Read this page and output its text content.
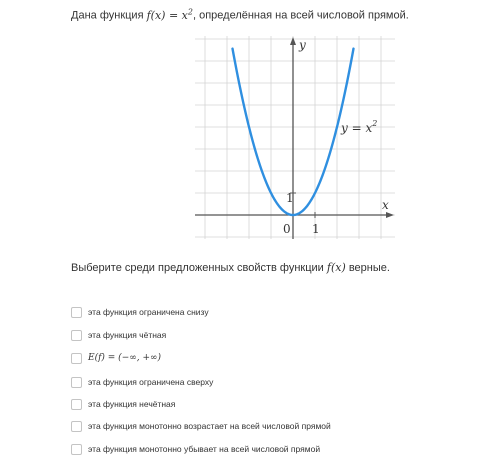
Дана функция $f(x) = x^2$, определённая на всей числовой прямой.
y
x
$y = x^2$
0 1
1
Выберите среди предложенных свойств функции f(x) верные.
эта функция ограничена снизу
эта функция чётная
E(f) = (−∞, +∞)
эта функция ограничена сверху
эта функция нечётная
эта функция монотонно возрастает на всей числовой прямой
эта функция монотонно убывает на всей числовой прямой
